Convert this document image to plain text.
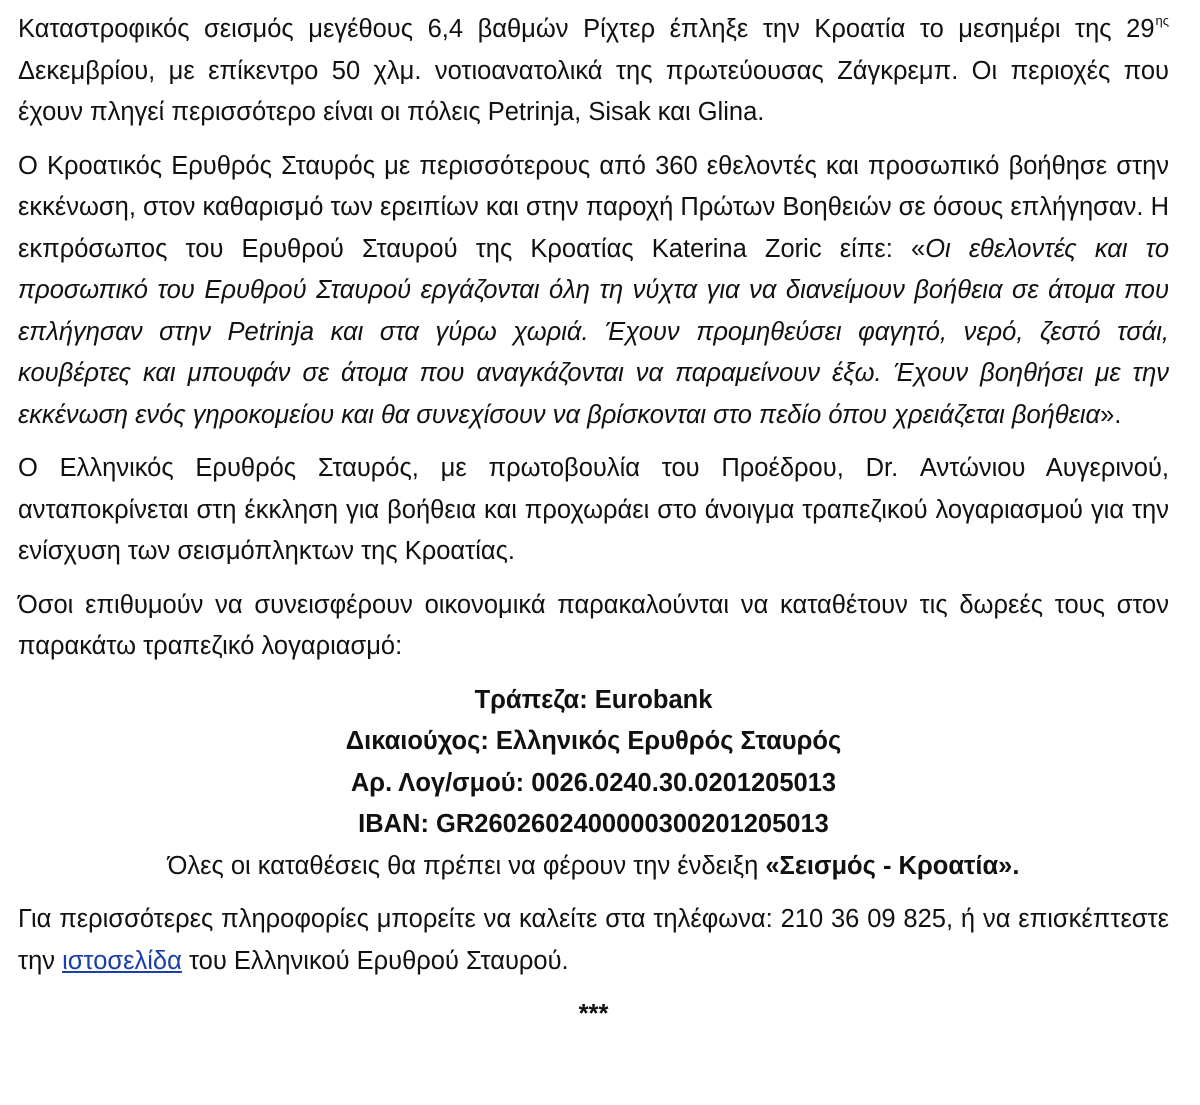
Καταστροφικός σεισμός μεγέθους 6,4 βαθμών Ρίχτερ έπληξε την Κροατία το μεσημέρι της $29^{\eta\varsigma}$ Δεκεμβρίου, με επίκεντρο 50 χλμ. νοτιοανατολικά της πρωτεύουσας Ζάγκρεμπ. Οι περιοχές που έχουν πληγεί περισσότερο είναι οι πόλεις Petrinja, Sisak και Glina.

Ο Κροατικός Ερυθρός Σταυρός με περισσότερους από 360 εθελοντές και προσωπικό βοήθησε στην εκκένωση, στον καθαρισμό των ερειπίων και στην παροχή Πρώτων Βοηθειών σε όσους επλήγησαν. Η εκπρόσωπος του Ερυθρού Σταυρού της Κροατίας Katerina Zoric είπε: «Οι εθελοντές και το προσωπικό του Ερυθρού Σταυρού εργάζονται όλη τη νύχτα για να διανείμουν βοήθεια σε άτομα που επλήγησαν στην Petrinja και στα γύρω χωριά. Έχουν προμηθεύσει φαγητό, νερό, ζεστό τσάι, κουβέρτες και μπουφάν σε άτομα που αναγκάζονται να παραμείνουν έξω. Έχουν βοηθήσει με την εκκένωση ενός γηροκομείου και θα συνεχίσουν να βρίσκονται στο πεδίο όπου χρειάζεται βοήθεια».

Ο Ελληνικός Ερυθρός Σταυρός, με πρωτοβουλία του Προέδρου, Dr. Αντώνιου Αυγερινού, ανταποκρίνεται στη έκκληση για βοήθεια και προχωράει στο άνοιγμα τραπεζικού λογαριασμού για την ενίσχυση των σεισμόπληκτων της Κροατίας.

Όσοι επιθυμούν να συνεισφέρουν οικονομικά παρακαλούνται να καταθέτουν τις δωρεές τους στον παρακάτω τραπεζικό λογαριασμό:

Τράπεζα: Eurobank
Δικαιούχος: Ελληνικός Ερυθρός Σταυρός
Αρ. Λογ/σμού: 0026.0240.30.0201205013
IBAN: GR2602602400000300201205013
Όλες οι καταθέσεις θα πρέπει να φέρουν την ένδειξη «Σεισμός - Κροατία».

Για περισσότερες πληροφορίες μπορείτε να καλείτε στα τηλέφωνα: 210 36 09 825, ή να επισκέπτεστε την ιστοσελίδα του Ελληνικού Ερυθρού Σταυρού.

***
